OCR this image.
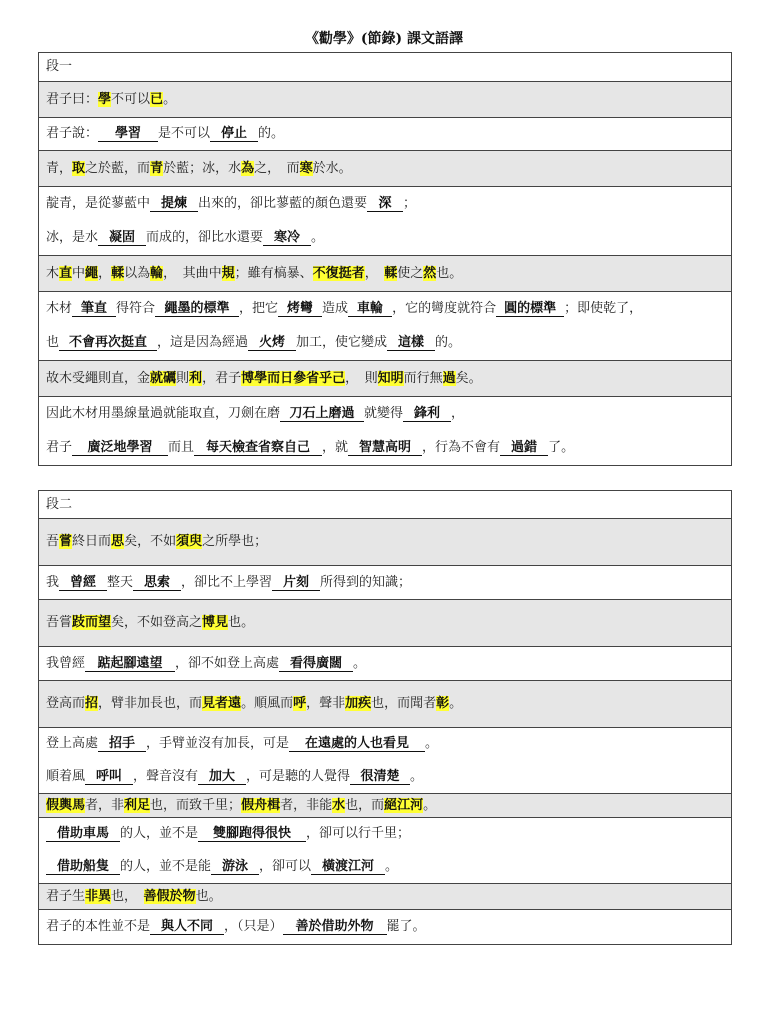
《勸學》(節錄) 課文語譯
段一
君子曰：學不可以已。
君子說： 學習 是不可以 停止 的。
青，取之於藍，而青於藍；冰，水為之，　而寒於水。
靛青，是從蓼藍中 提煉 出來的，卻比蓼藍的顏色還要 深 ；
冰，是水 凝固 而成的，卻比水還要 寒冷 。
木直中繩，輮以為輪，　其曲中規；雖有槁暴、不復挺者，　輮使之然也。
木材 筆直 得符合 繩墨的標準 ，把它 烤彎 造成 車輪 ，它的彎度就符合 圓的標準 ；即使乾了，
也 不會再次挺直 ，這是因為經過 火烤 加工，使它變成 這樣 的。
故木受繩則直，金就礪則利，君子博學而日參省乎己，　則知明而行無過矣。
因此木材用墨線量過就能取直，刀劍在磨 刀石上磨過 就變得 鋒利 ，
君子 廣泛地學習 而且 每天檢查省察自己 ，就 智慧高明 ，行為不會有 過錯 了。
段二
吾嘗終日而思矣，不如須臾之所學也；
我 曾經 整天 思索 ，卻比不上學習 片刻 所得到的知識；
吾嘗跂而望矣，不如登高之博見也。
我曾經 踮起腳遠望 ，卻不如登上高處 看得廣闊 。
登高而招，臂非加長也，而見者遠。順風而呼，聲非加疾也，而聞者彰。
登上高處 招手 ，手臂並沒有加長，可是 在遠處的人也看見 。
順着風 呼叫 ，聲音沒有 加大 ，可是聽的人覺得 很清楚 。
假輿馬者，非利足也，而致千里；假舟楫者，非能水也，而絕江河。
借助車馬 的人，並不是 雙腳跑得很快 ，卻可以行千里；
借助船隻 的人，並不是能 游泳 ，卻可以 橫渡江河 。
君子生非異也，　善假於物也。
君子的本性並不是 與人不同 ，（只是） 善於借助外物 罷了。
